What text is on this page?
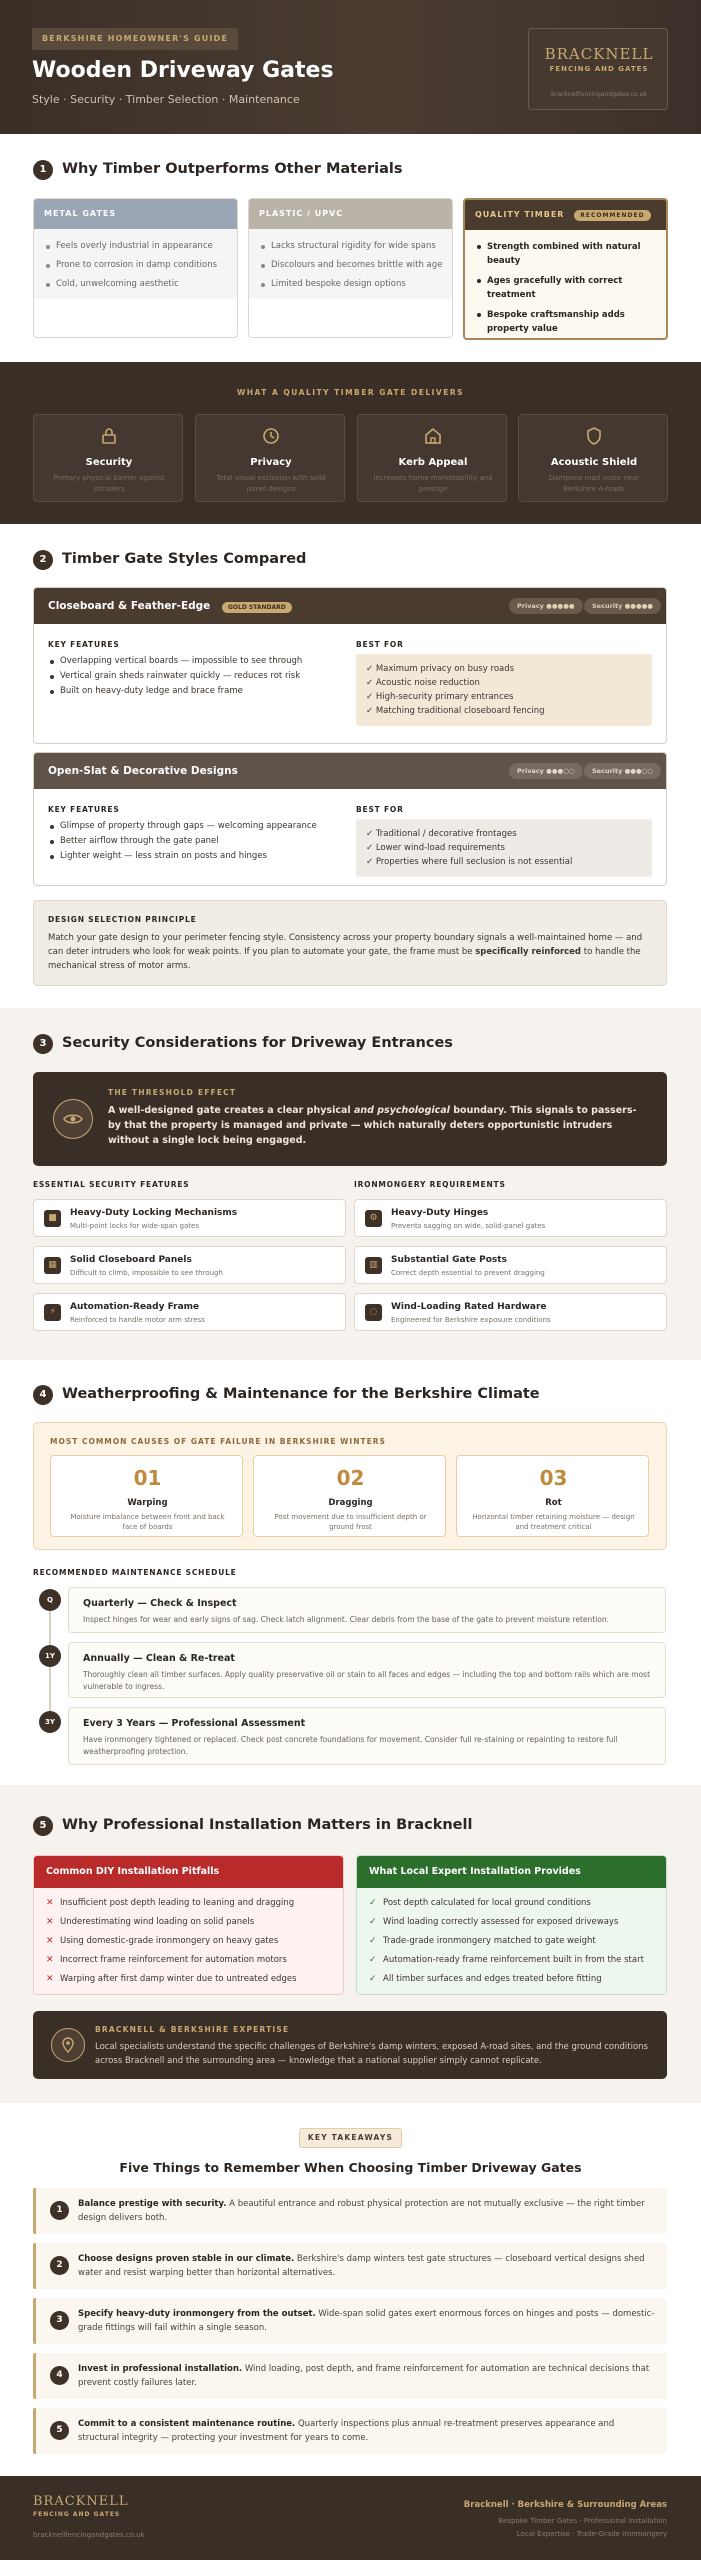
BERKSHIRE HOMEOWNER'S GUIDE
Wooden Driveway Gates
Style · Security · Timber Selection · Maintenance
BRACKNELL
FENCING AND GATES
bracknellfencingandgates.co.uk
1	Why Timber Outperforms Other Materials
METAL GATES
Feels overly industrial in appearance
Prone to corrosion in damp conditions
Cold, unwelcoming aesthetic
PLASTIC / UPVC
Lacks structural rigidity for wide spans
Discolours and becomes brittle with age
Limited bespoke design options
QUALITY TIMBER	RECOMMENDED
Strength combined with natural beauty
Ages gracefully with correct treatment
Bespoke craftsmanship adds property value
WHAT A QUALITY TIMBER GATE DELIVERS
Security
Primary physical barrier against intruders
Privacy
Total visual exclusion with solid panel designs
Kerb Appeal
Increases home marketability and prestige
Acoustic Shield
Dampens road noise near Berkshire A-roads
2	Timber Gate Styles Compared
Closeboard & Feather-Edge	GOLD STANDARD	Privacy ●●●●●	Security ●●●●●
KEY FEATURES
Overlapping vertical boards — impossible to see through
Vertical grain sheds rainwater quickly — reduces rot risk
Built on heavy-duty ledge and brace frame
BEST FOR
✓ Maximum privacy on busy roads
✓ Acoustic noise reduction
✓ High-security primary entrances
✓ Matching traditional closeboard fencing
Open-Slat & Decorative Designs	Privacy ●●●○○	Security ●●●○○
KEY FEATURES
Glimpse of property through gaps — welcoming appearance
Better airflow through the gate panel
Lighter weight — less strain on posts and hinges
BEST FOR
✓ Traditional / decorative frontages
✓ Lower wind-load requirements
✓ Properties where full seclusion is not essential
DESIGN SELECTION PRINCIPLE
Match your gate design to your perimeter fencing style. Consistency across your property boundary signals a well-maintained home — and can deter intruders who look for weak points. If you plan to automate your gate, the frame must be specifically reinforced to handle the mechanical stress of motor arms.
3	Security Considerations for Driveway Entrances
THE THRESHOLD EFFECT
A well-designed gate creates a clear physical and psychological boundary. This signals to passers-by that the property is managed and private — which naturally deters opportunistic intruders without a single lock being engaged.
ESSENTIAL SECURITY FEATURES	IRONMONGERY REQUIREMENTS
■	Heavy-Duty Locking Mechanisms
Multi-point locks for wide-span gates
▦	Solid Closeboard Panels
Difficult to climb, impossible to see through
⚡	Automation-Ready Frame
Reinforced to handle motor arm stress
⚙	Heavy-Duty Hinges
Prevents sagging on wide, solid-panel gates
▥	Substantial Gate Posts
Correct depth essential to prevent dragging
◌	Wind-Loading Rated Hardware
Engineered for Berkshire exposure conditions
4	Weatherproofing & Maintenance for the Berkshire Climate
MOST COMMON CAUSES OF GATE FAILURE IN BERKSHIRE WINTERS
01
Warping
Moisture imbalance between front and back face of boards
02
Dragging
Post movement due to insufficient depth or ground frost
03
Rot
Horizontal timber retaining moisture — design and treatment critical
RECOMMENDED MAINTENANCE SCHEDULE
Q	Quarterly — Check & Inspect
Inspect hinges for wear and early signs of sag. Check latch alignment. Clear debris from the base of the gate to prevent moisture retention.
1Y	Annually — Clean & Re-treat
Thoroughly clean all timber surfaces. Apply quality preservative oil or stain to all faces and edges — including the top and bottom rails which are most vulnerable to ingress.
3Y	Every 3 Years — Professional Assessment
Have ironmongery tightened or replaced. Check post concrete foundations for movement. Consider full re-staining or repainting to restore full weatherproofing protection.
5	Why Professional Installation Matters in Bracknell
Common DIY Installation Pitfalls
✕ Insufficient post depth leading to leaning and dragging
✕ Underestimating wind loading on solid panels
✕ Using domestic-grade ironmongery on heavy gates
✕ Incorrect frame reinforcement for automation motors
✕ Warping after first damp winter due to untreated edges
What Local Expert Installation Provides
✓ Post depth calculated for local ground conditions
✓ Wind loading correctly assessed for exposed driveways
✓ Trade-grade ironmongery matched to gate weight
✓ Automation-ready frame reinforcement built in from the start
✓ All timber surfaces and edges treated before fitting
BRACKNELL & BERKSHIRE EXPERTISE
Local specialists understand the specific challenges of Berkshire's damp winters, exposed A-road sites, and the ground conditions across Bracknell and the surrounding area — knowledge that a national supplier simply cannot replicate.
KEY TAKEAWAYS
Five Things to Remember When Choosing Timber Driveway Gates
1
Balance prestige with security. A beautiful entrance and robust physical protection are not mutually exclusive — the right timber design delivers both.
2
Choose designs proven stable in our climate. Berkshire's damp winters test gate structures — closeboard vertical designs shed water and resist warping better than horizontal alternatives.
3
Specify heavy-duty ironmongery from the outset. Wide-span solid gates exert enormous forces on hinges and posts — domestic-grade fittings will fail within a single season.
4
Invest in professional installation. Wind loading, post depth, and frame reinforcement for automation are technical decisions that prevent costly failures later.
5
Commit to a consistent maintenance routine. Quarterly inspections plus annual re-treatment preserves appearance and structural integrity — protecting your investment for years to come.
BRACKNELL
FENCING AND GATES
bracknellfencingandgates.co.uk
Bracknell · Berkshire & Surrounding Areas
Bespoke Timber Gates · Professional Installation
Local Expertise · Trade-Grade Ironmongery
